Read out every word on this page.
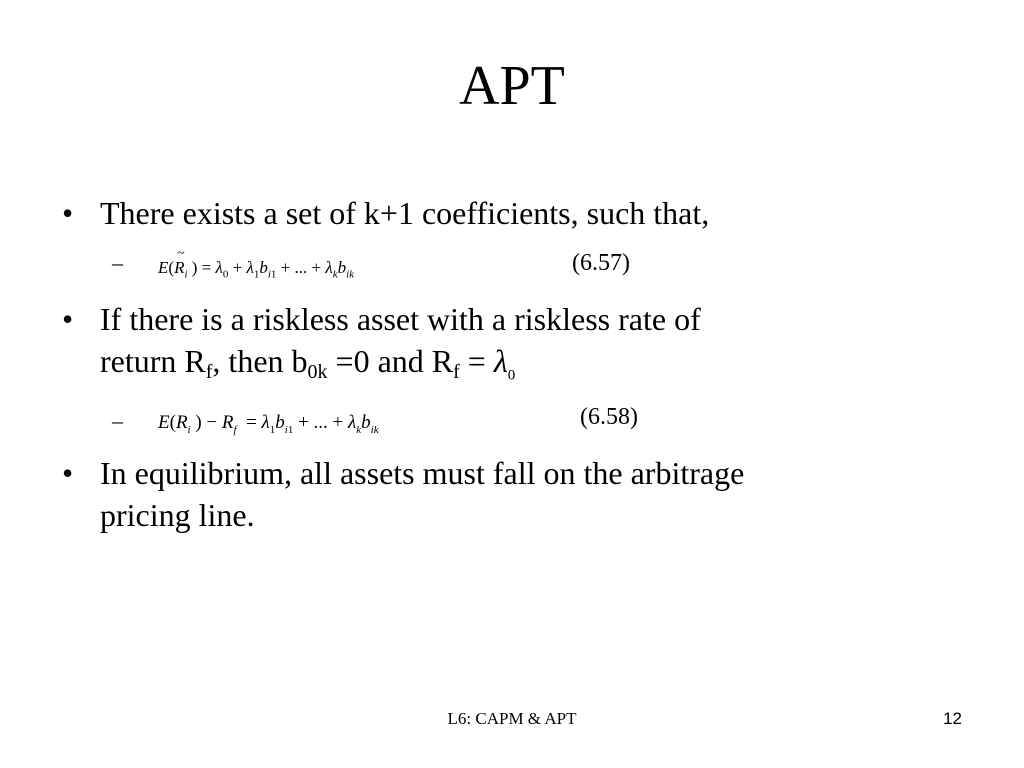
APT
• There exists a set of k+1 coefficients, such that,
– E(
~
$R_i$ ) = $\lambda_0 + \lambda_1b_{i1}$ + ... + $\lambda_kb_{ik}$	(6.57)
• If there is a riskless asset with a riskless rate of
return $R_f$, then $b_{0k} =0$ and $R_f = \lambda_0$
– $E(R_i$ ) − $R_f = \lambda_1b_{i1}$ + ... + $\lambda_kb_{ik}$	(6.58)
• In equilibrium, all assets must fall on the arbitrage
pricing line.
L6: CAPM & APT	12
